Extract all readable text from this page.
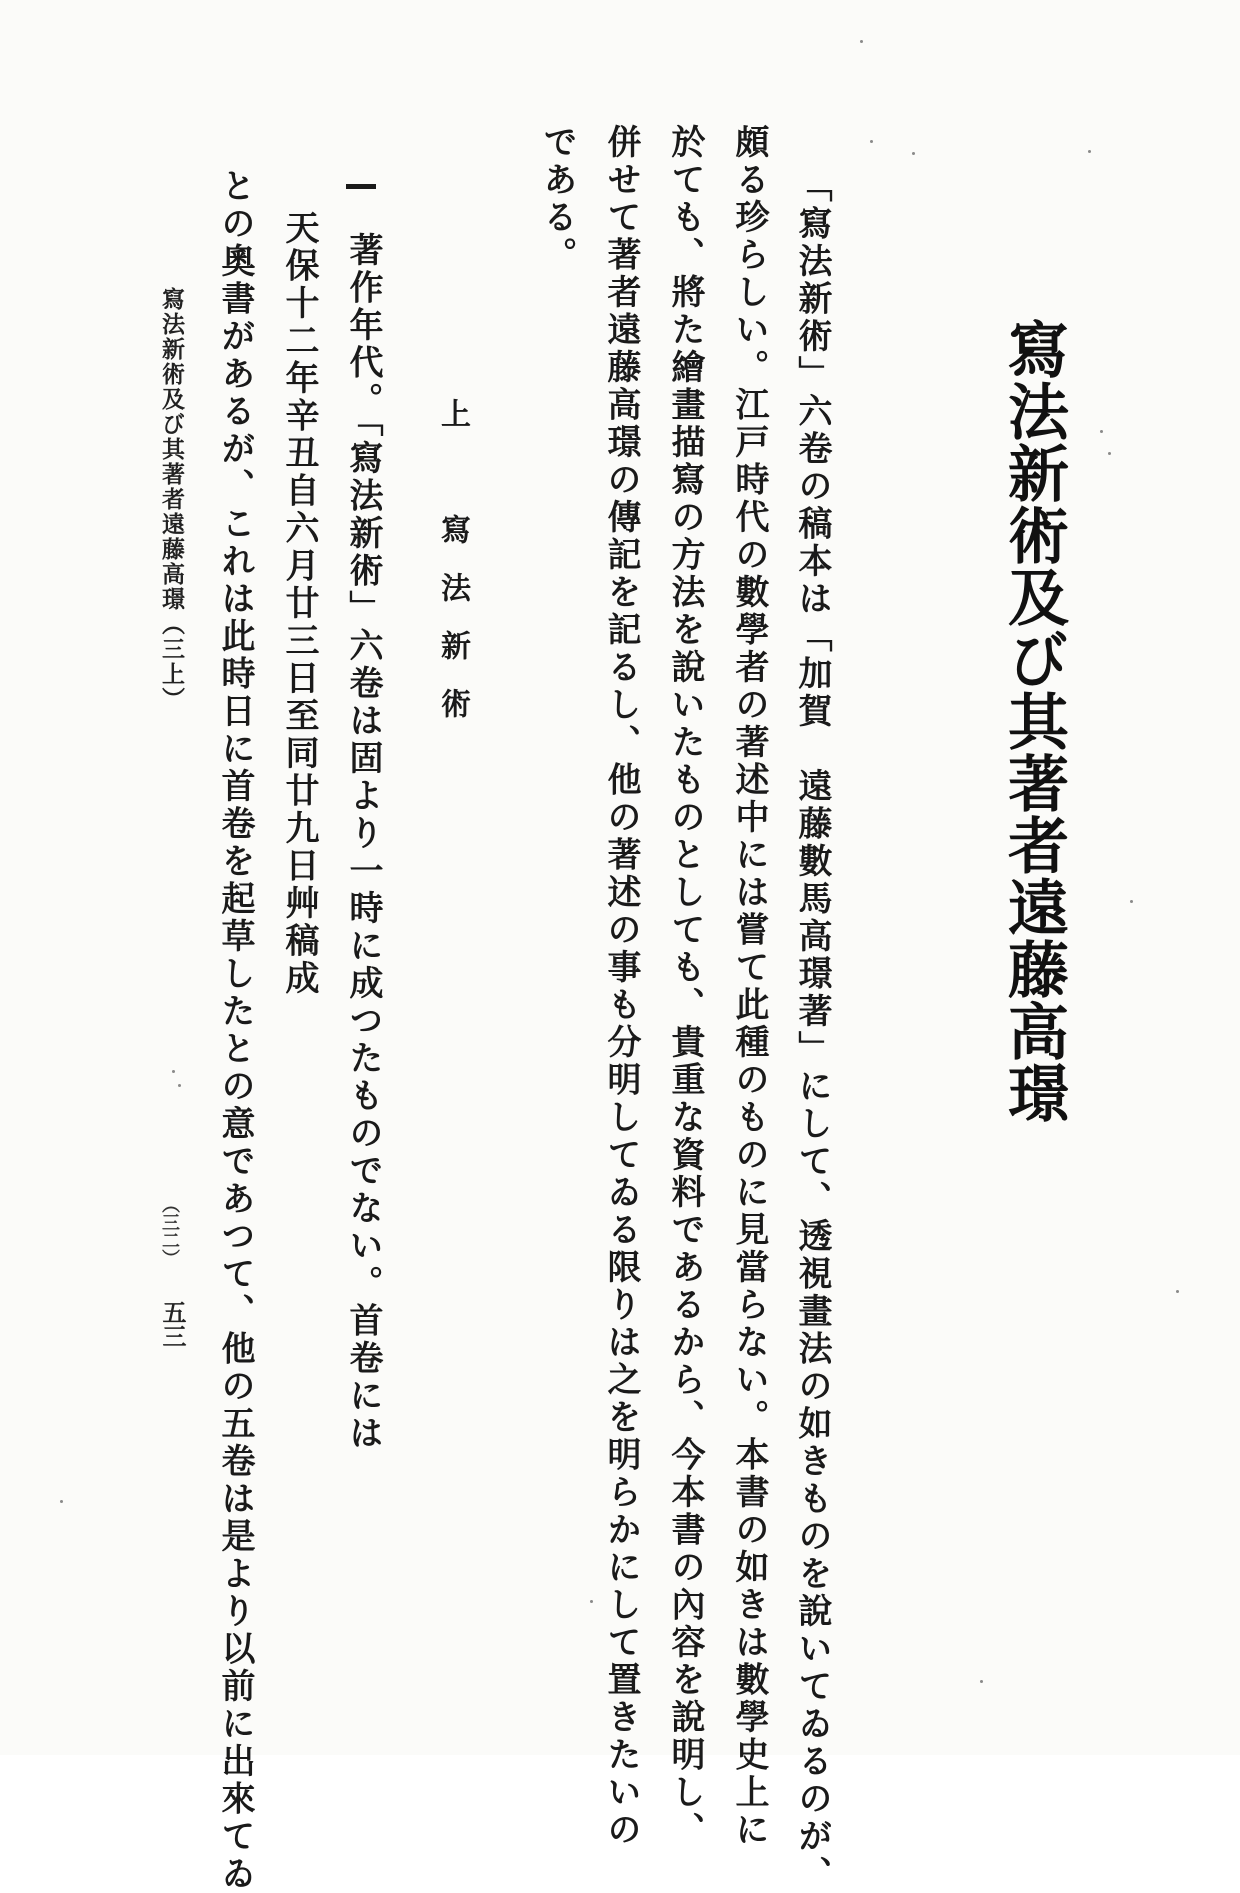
寫法新術及び其著者遠藤高璟
「寫法新術」六卷の稿本は「加賀　遠藤數馬高璟著」にして、透視畫法の如きものを說いてゐるのが、
頗る珍らしい。江戸時代の數學者の著述中には嘗て此種のものに見當らない。本書の如きは數學史上に
於ても、將た繪畫描寫の方法を說いたものとしても、貴重な資料であるから、今本書の內容を說明し、
併せて著者遠藤高璟の傳記を記るし、他の著述の事も分明してゐる限りは之を明らかにして置きたいの
である。
上　寫法新術
著作年代。「寫法新術」六卷は固より一時に成つたものでない。首卷には
天保十二年辛丑自六月廿三日至同廿九日艸稿成
との奧書があるが、これは此時日に首卷を起草したとの意であつて、他の五卷は是より以前に出來てゐ
寫法新術及び其著者遠藤高璟（三上）
（三二）
五三
